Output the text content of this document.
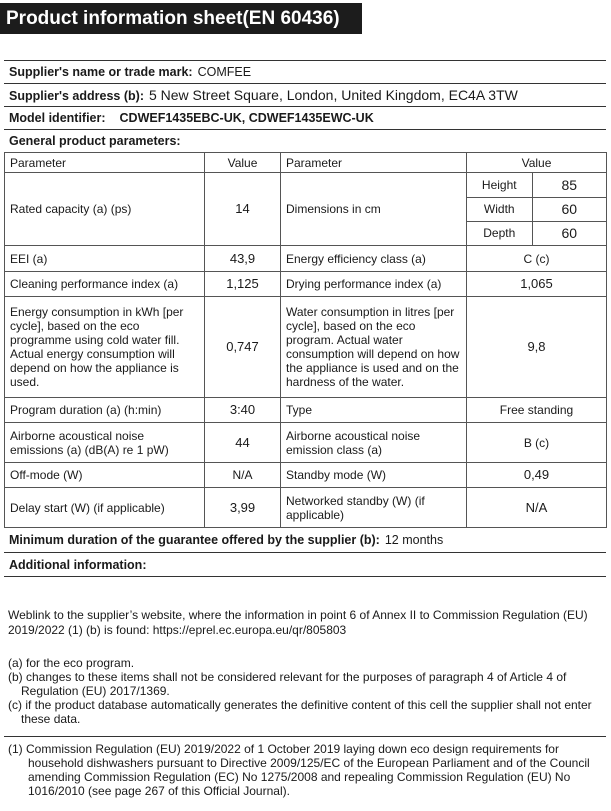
Product information sheet(EN 60436)
Supplier's name or trade mark: COMFEE
Supplier's address (b): 5 New Street Square, London, United Kingdom, EC4A 3TW
Model identifier: CDWEF1435EBC-UK, CDWEF1435EWC-UK
General product parameters:
Parameter	Value	Parameter	Value
Rated capacity (a) (ps)	14	Dimensions in cm	
Height	85
Width	60
Depth	60

EEI (a)	43,9	Energy efficiency class (a)	C (c)
Cleaning performance index (a)	1,125	Drying performance index (a)	1,065
Energy consumption in kWh [per cycle], based on the eco programme using cold water fill. Actual energy consumption will depend on how the appliance is used.	0,747	Water consumption in litres [per cycle], based on the eco program. Actual water consumption will depend on how the appliance is used and on the hardness of the water.	9,8
Program duration (a) (h:min)	3:40	Type	Free standing
Airborne acoustical noise emissions (a) (dB(A) re 1 pW)	44	Airborne acoustical noise emission class (a)	B (c)
Off-mode (W)	N/A	Standby mode (W)	0,49
Delay start (W) (if applicable)	3,99	Networked standby (W) (if applicable)	N/A
Minimum duration of the guarantee offered by the supplier (b): 12 months
Additional information:
Weblink to the supplier’s website, where the information in point 6 of Annex II to Commission Regulation (EU) 2019/2022 (1) (b) is found: https://eprel.ec.europa.eu/qr/805803
(a) for the eco program.
(b) changes to these items shall not be considered relevant for the purposes of paragraph 4 of Article 4 of Regulation (EU) 2017/1369.
(c) if the product database automatically generates the definitive content of this cell the supplier shall not enter these data.
(1) Commission Regulation (EU) 2019/2022 of 1 October 2019 laying down eco design requirements for household dishwashers pursuant to Directive 2009/125/EC of the European Parliament and of the Council amending Commission Regulation (EC) No 1275/2008 and repealing Commission Regulation (EU) No 1016/2010 (see page 267 of this Official Journal).
